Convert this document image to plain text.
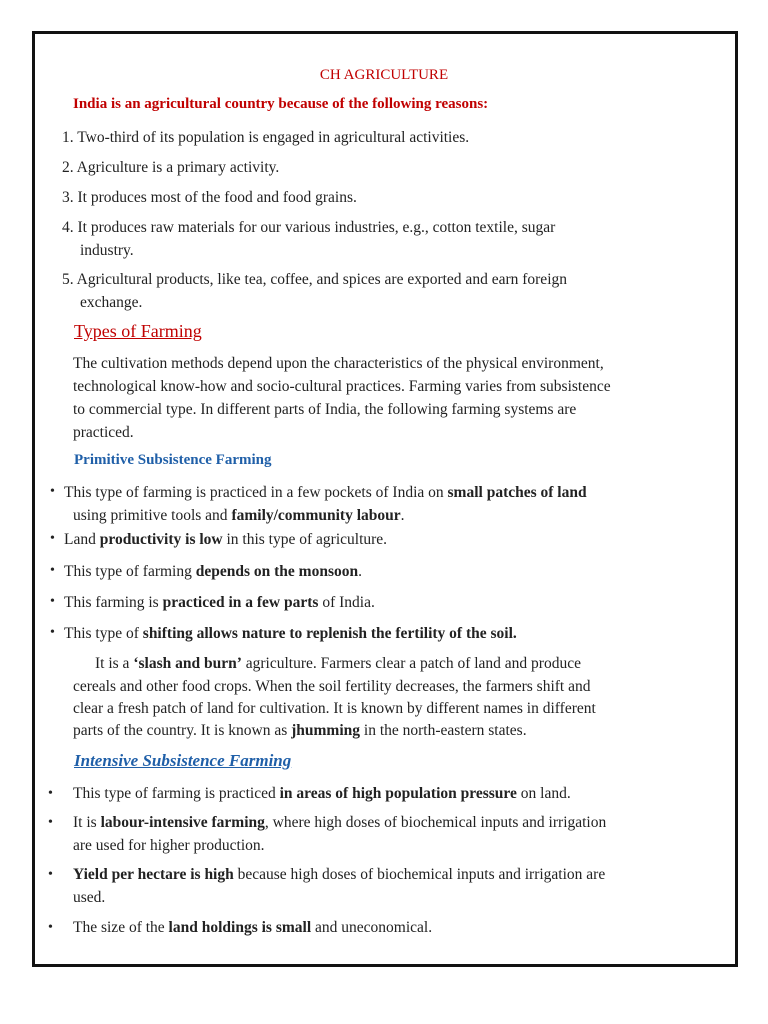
CH AGRICULTURE
India is an agricultural country because of the following reasons:
1. Two-third of its population is engaged in agricultural activities.
2. Agriculture is a primary activity.
3. It produces most of the food and food grains.
4. It produces raw materials for our various industries, e.g., cotton textile, sugar
industry.
5. Agricultural products, like tea, coffee, and spices are exported and earn foreign
exchange.
Types of Farming
The cultivation methods depend upon the characteristics of the physical environment,
technological know-how and socio-cultural practices. Farming varies from subsistence
to commercial type. In different parts of India, the following farming systems are
practiced.
Primitive Subsistence Farming
• This type of farming is practiced in a few pockets of India on small patches of land
using primitive tools and family/community labour.
• Land productivity is low in this type of agriculture.
• This type of farming depends on the monsoon.
• This farming is practiced in a few parts of India.
• This type of shifting allows nature to replenish the fertility of the soil.
It is a ‘slash and burn’ agriculture. Farmers clear a patch of land and produce
cereals and other food crops. When the soil fertility decreases, the farmers shift and
clear a fresh patch of land for cultivation. It is known by different names in different
parts of the country. It is known as jhumming in the north-eastern states.
Intensive Subsistence Farming
• This type of farming is practiced in areas of high population pressure on land.
• It is labour-intensive farming, where high doses of biochemical inputs and irrigation
are used for higher production.
• Yield per hectare is high because high doses of biochemical inputs and irrigation are
used.
• The size of the land holdings is small and uneconomical.
